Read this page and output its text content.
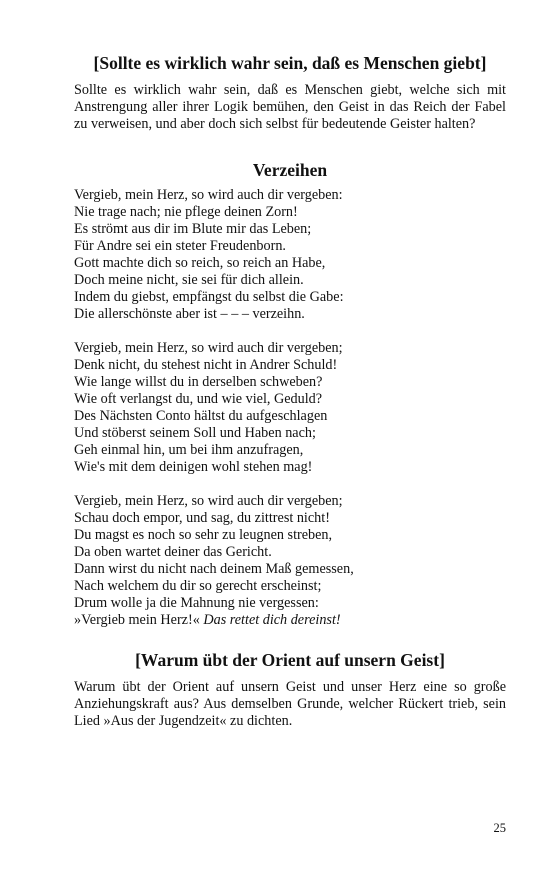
[Sollte es wirklich wahr sein, daß es Menschen giebt]

Sollte es wirklich wahr sein, daß es Menschen giebt, welche sich mit Anstrengung aller ihrer Logik bemühen, den Geist in das Reich der Fabel zu verweisen, und aber doch sich selbst für bedeutende Geister halten?

Verzeihen
Vergieb, mein Herz, so wird auch dir vergeben:
Nie trage nach; nie pflege deinen Zorn!
Es strömt aus dir im Blute mir das Leben;
Für Andre sei ein steter Freudenborn.
Gott machte dich so reich, so reich an Habe,
Doch meine nicht, sie sei für dich allein.
Indem du giebst, empfängst du selbst die Gabe:
Die allerschönste aber ist – – – verzeihn.
Vergieb, mein Herz, so wird auch dir vergeben;
Denk nicht, du stehest nicht in Andrer Schuld!
Wie lange willst du in derselben schweben?
Wie oft verlangst du, und wie viel, Geduld?
Des Nächsten Conto hältst du aufgeschlagen
Und stöberst seinem Soll und Haben nach;
Geh einmal hin, um bei ihm anzufragen,
Wie's mit dem deinigen wohl stehen mag!
Vergieb, mein Herz, so wird auch dir vergeben;
Schau doch empor, und sag, du zittrest nicht!
Du magst es noch so sehr zu leugnen streben,
Da oben wartet deiner das Gericht.
Dann wirst du nicht nach deinem Maß gemessen,
Nach welchem du dir so gerecht erscheinst;
Drum wolle ja die Mahnung nie vergessen:
»Vergieb mein Herz!« Das rettet dich dereinst!
[Warum übt der Orient auf unsern Geist]

Warum übt der Orient auf unsern Geist und unser Herz eine so große Anziehungskraft aus? Aus demselben Grunde, welcher Rückert trieb, sein Lied »Aus der Jugendzeit« zu dichten.

25
